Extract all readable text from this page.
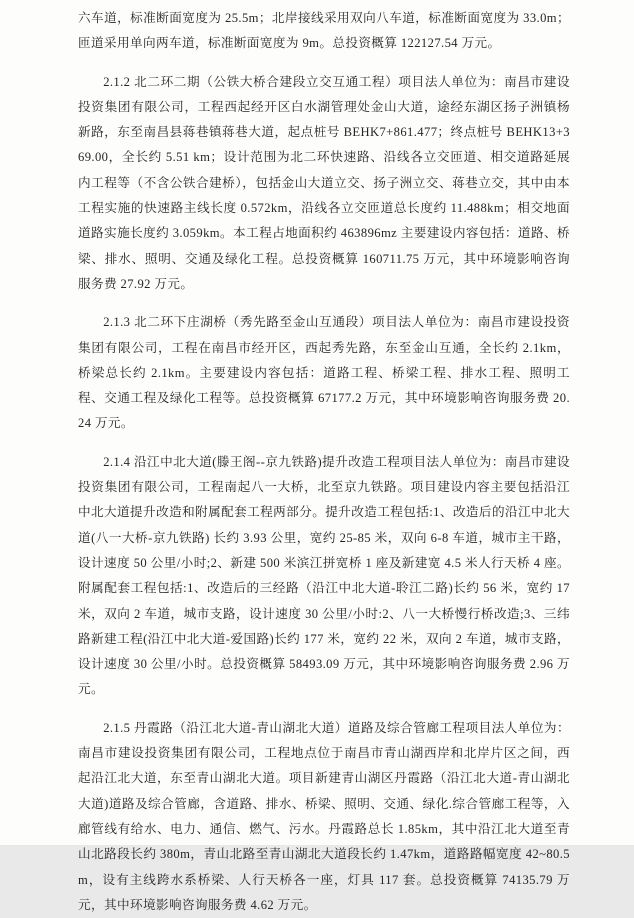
六车道，标准断面宽度为 25.5m；北岸接线采用双向八车道，标准断面宽度为 33.0m；匝道采用单向两车道，标准断面宽度为 9m。总投资概算 122127.54 万元。

2.1.2 北二环二期（公铁大桥合建段立交互通工程）项目法人单位为：南昌市建设投资集团有限公司，工程西起经开区白水湖管理处金山大道，途经东湖区扬子洲镇杨新路，东至南昌县蒋巷镇蒋巷大道，起点桩号 BEHK7+861.477；终点桩号 BEHK13+369.00，全长约 5.51 km；设计范围为北二环快速路、沿线各立交匝道、相交道路延展内工程等（不含公铁合建桥），包括金山大道立交、扬子洲立交、蒋巷立交，其中由本工程实施的快速路主线长度 0.572km，沿线各立交匝道总长度约 11.488km；相交地面道路实施长度约 3.059km。本工程占地面积约 463896mz 主要建设内容包括：道路、桥梁、排水、照明、交通及绿化工程。总投资概算 160711.75 万元，其中环境影响咨询服务费 27.92 万元。

2.1.3 北二环下庄湖桥（秀先路至金山互通段）项目法人单位为：南昌市建设投资集团有限公司，工程在南昌市经开区，西起秀先路，东至金山互通，全长约 2.1km，桥梁总长约 2.1km。主要建设内容包括：道路工程、桥梁工程、排水工程、照明工程、交通工程及绿化工程等。总投资概算 67177.2 万元，其中环境影响咨询服务费 20.24 万元。

2.1.4 沿江中北大道(滕王阁--京九铁路)提升改造工程项目法人单位为：南昌市建设投资集团有限公司，工程南起八一大桥，北至京九铁路。项目建设内容主要包括沿江中北大道提升改造和附属配套工程两部分。提升改造工程包括:1、改造后的沿江中北大道(八一大桥-京九铁路) 长约 3.93 公里，宽约 25-85 米，双向 6-8 车道，城市主干路，设计速度 50 公里/小时;2、新建 500 米滨江拼宽桥 1 座及新建宽 4.5 米人行天桥 4 座。附属配套工程包括:1、改造后的三经路（沿江中北大道-聆江二路)长约 56 米，宽约 17 米，双向 2 车道，城市支路，设计速度 30 公里/小时:2、八一大桥慢行桥改造;3、三纬路新建工程(沿江中北大道-爱国路)长约 177 米，宽约 22 米，双向 2 车道，城市支路，设计速度 30 公里/小时。总投资概算 58493.09 万元，其中环境影响咨询服务费 2.96 万元。

2.1.5 丹霞路（沿江北大道-青山湖北大道）道路及综合管廊工程项目法人单位为：南昌市建设投资集团有限公司，工程地点位于南昌市青山湖西岸和北岸片区之间，西起沿江北大道，东至青山湖北大道。项目新建青山湖区丹霞路（沿江北大道-青山湖北大道)道路及综合管廊，含道路、排水、桥梁、照明、交通、绿化.综合管廊工程等，入廊管线有给水、电力、通信、燃气、污水。丹霞路总长 1.85km，其中沿江北大道至青山北路段长约 380m，青山北路至青山湖北大道段长约 1.47km，道路路幅宽度 42~80.5m，设有主线跨水系桥梁、人行天桥各一座，灯具 117 套。总投资概算 74135.79 万元，其中环境影响咨询服务费 4.62 万元。
